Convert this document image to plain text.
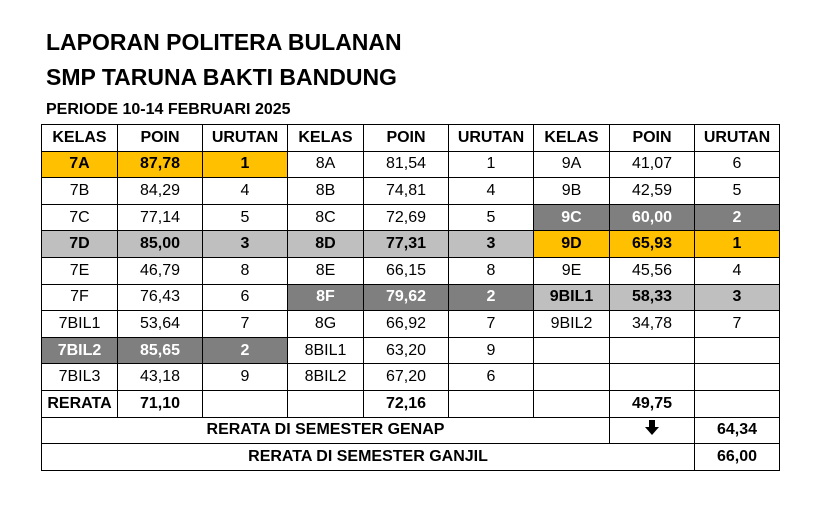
LAPORAN POLITERA BULANAN
SMP TARUNA BAKTI BANDUNG
PERIODE 10-14 FEBRUARI 2025
KELAS	POIN	URUTAN	KELAS	POIN	URUTAN	KELAS	POIN	URUTAN
7A	87,78	1	8A	81,54	1	9A	41,07	6
7B	84,29	4	8B	74,81	4	9B	42,59	5
7C	77,14	5	8C	72,69	5	9C	60,00	2
7D	85,00	3	8D	77,31	3	9D	65,93	1
7E	46,79	8	8E	66,15	8	9E	45,56	4
7F	76,43	6	8F	79,62	2	9BIL1	58,33	3
7BIL1	53,64	7	8G	66,92	7	9BIL2	34,78	7
7BIL2	85,65	2	8BIL1	63,20	9			
7BIL3	43,18	9	8BIL2	67,20	6			
RERATA	71,10			72,16			49,75	
RERATA DI SEMESTER GENAP								64,34
RERATA DI SEMESTER GANJIL								66,00
